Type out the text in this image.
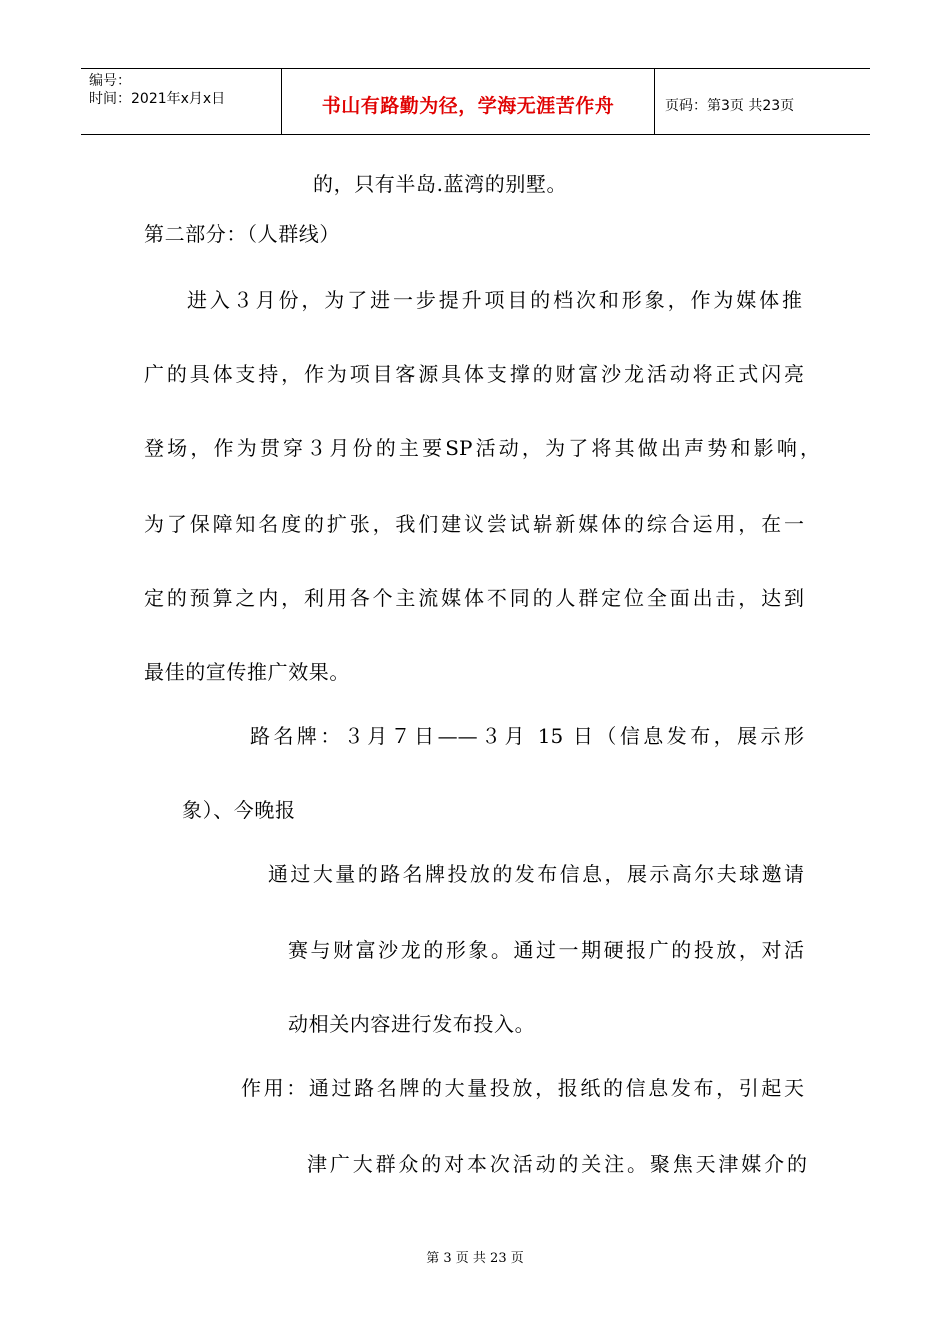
编号：
时间：2021年x月x日	书山有路勤为径，学海无涯苦作舟	页码：第3页 共23页
的，只有半岛.蓝湾的别墅。
第二部分：（人群线）
进入３月份，为了进一步提升项目的档次和形象，作为媒体推
广的具体支持，作为项目客源具体支撑的财富沙龙活动将正式闪亮
登场，作为贯穿３月份的主要SP活动，为了将其做出声势和影响，
为了保障知名度的扩张，我们建议尝试崭新媒体的综合运用，在一
定的预算之内，利用各个主流媒体不同的人群定位全面出击，达到
最佳的宣传推广效果。
路名牌：３月７日——３月 15 日（信息发布，展示形
象）、今晚报
通过大量的路名牌投放的发布信息，展示高尔夫球邀请
赛与财富沙龙的形象。通过一期硬报广的投放，对活
动相关内容进行发布投入。
作用：通过路名牌的大量投放，报纸的信息发布，引起天
津广大群众的对本次活动的关注。聚焦天津媒介的
第 3 页 共 23 页
